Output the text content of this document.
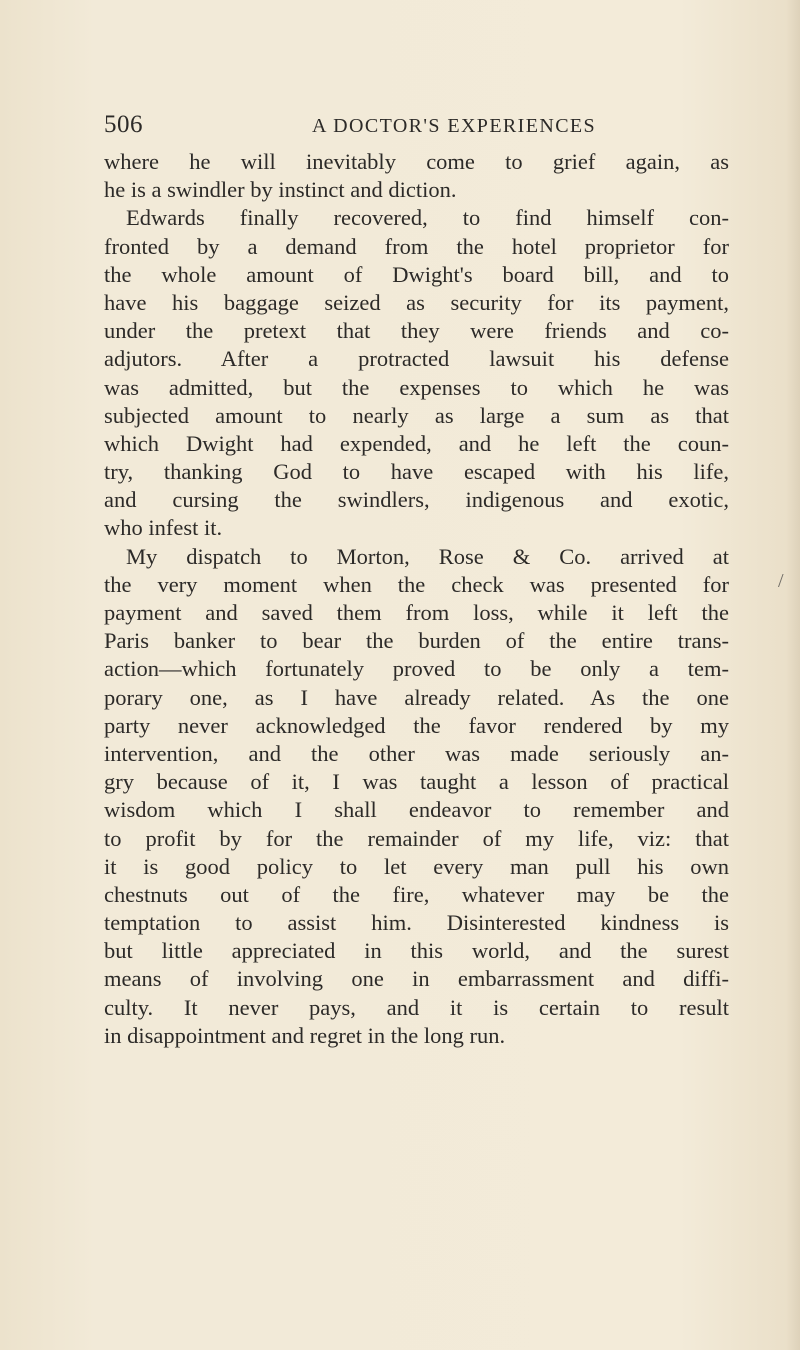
506	A DOCTOR'S EXPERIENCES
where he will inevitably come to grief again, as
he is a swindler by instinct and diction.
Edwards finally recovered, to find himself con-
fronted by a demand from the hotel proprietor for
the whole amount of Dwight's board bill, and to
have his baggage seized as security for its payment,
under the pretext that they were friends and co-
adjutors. After a protracted lawsuit his defense
was admitted, but the expenses to which he was
subjected amount to nearly as large a sum as that
which Dwight had expended, and he left the coun-
try, thanking God to have escaped with his life,
and cursing the swindlers, indigenous and exotic,
who infest it.
My dispatch to Morton, Rose & Co. arrived at
the very moment when the check was presented for
payment and saved them from loss, while it left the
Paris banker to bear the burden of the entire trans-
action—which fortunately proved to be only a tem-
porary one, as I have already related. As the one
party never acknowledged the favor rendered by my
intervention, and the other was made seriously an-
gry because of it, I was taught a lesson of practical
wisdom which I shall endeavor to remember and
to profit by for the remainder of my life, viz: that
it is good policy to let every man pull his own
chestnuts out of the fire, whatever may be the
temptation to assist him. Disinterested kindness is
but little appreciated in this world, and the surest
means of involving one in embarrassment and diffi-
culty. It never pays, and it is certain to result
in disappointment and regret in the long run.
/
